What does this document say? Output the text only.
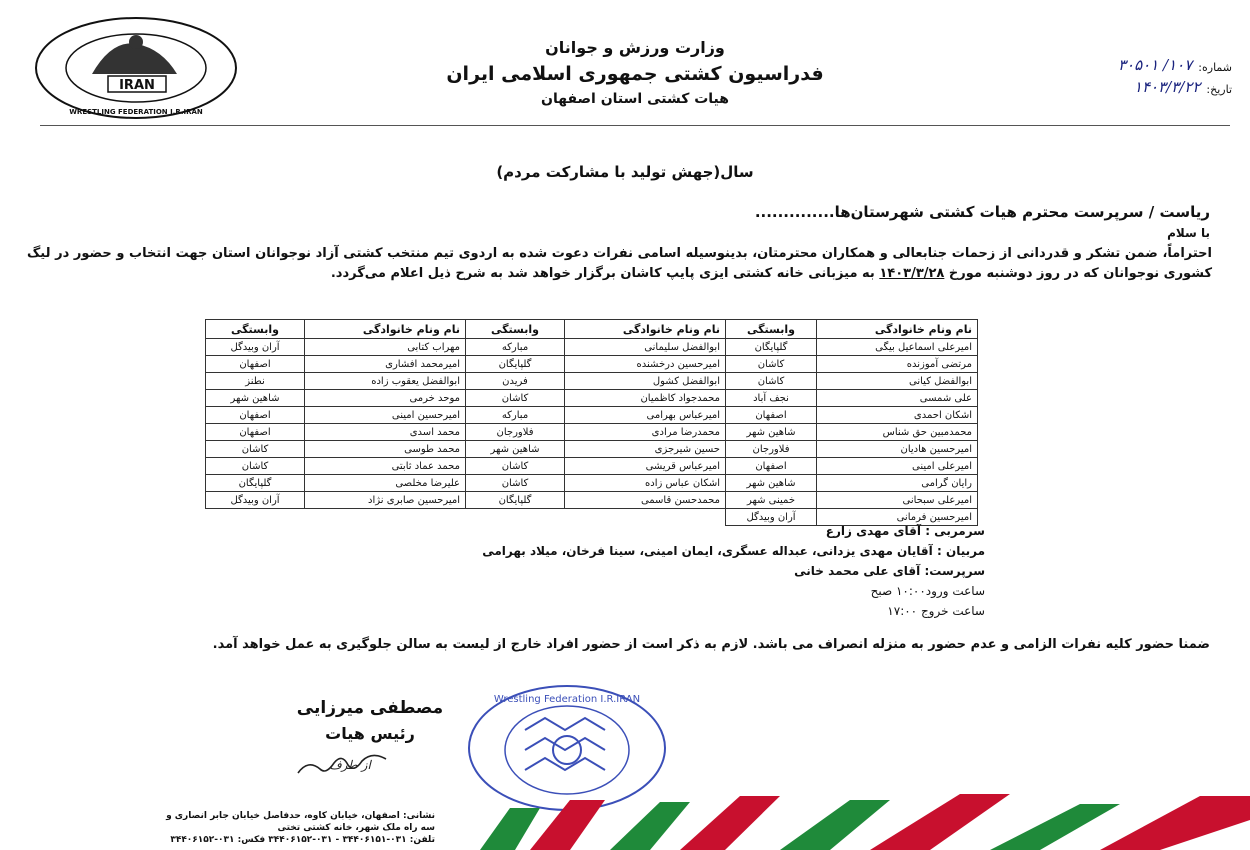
IRAN
WRESTLING FEDERATION I.R.IRAN
وزارت ورزش و جوانان
فدراسیون کشتی جمهوری اسلامی ایران
هیات کشتی استان اصفهان
شماره:
۱۰۷/ ۳۰۵۰۱
تاریخ:
۱۴۰۳/۳/۲۲
سال(جهش تولید با مشارکت مردم)
ریاست / سرپرست محترم هیات کشتی شهرستان‌ها..............
با سلام
احتراماً، ضمن تشکر و قدردانی از زحمات جنابعالی و همکاران محترمتان، بدینوسیله اسامی نفرات دعوت شده به اردوی تیم منتخب کشتی آزاد نوجوانان استان جهت انتخاب و حضور در لیگ کشوری نوجوانان که در روز دوشنبه مورخ ۱۴۰۳/۳/۲۸ به میزبانی خانه کشتی ایزی پایپ کاشان برگزار خواهد شد به شرح ذیل اعلام می‌گردد.
نام ونام خانوادگی	وابستگی	نام ونام خانوادگی	وابستگی	نام ونام خانوادگی	وابستگی
امیرعلی اسماعیل بیگی	گلپایگان	ابوالفضل سلیمانی	مبارکه	مهراب کتابی	آران وبیدگل
مرتضی آموزنده	کاشان	امیرحسین درخشنده	گلپایگان	امیرمحمد افشاری	اصفهان
ابوالفضل کیانی	کاشان	ابوالفضل کشول	فریدن	ابوالفضل یعقوب زاده	نطنز
علی شمسی	نجف آباد	محمدجواد کاظمیان	کاشان	موحد خرمی	شاهین شهر
اشکان احمدی	اصفهان	امیرعباس بهرامی	مبارکه	امیرحسین امینی	اصفهان
محمدمبین حق شناس	شاهین شهر	محمدرضا مرادی	فلاورجان	محمد اسدی	اصفهان
امیرحسین هادیان	فلاورجان	حسین شیرجزی	شاهین شهر	محمد طوسی	کاشان
امیرعلی امینی	اصفهان	امیرعباس قریشی	کاشان	محمد عماد ثابتی	کاشان
رایان گرامی	شاهین شهر	اشکان عباس زاده	کاشان	علیرضا مخلصی	گلپایگان
امیرعلی سبحانی	خمینی شهر	محمدحسن قاسمی	گلپایگان	امیرحسین صابری نژاد	آران وبیدگل
امیرحسین فرمانی	آران وبیدگل				
سرمربی : آقای مهدی زارع
مربیان : آقایان مهدی یزدانی، عبداله عسگری، ایمان امینی، سینا فرخان، میلاد بهرامی
سرپرست: آقای علی محمد خانی
ساعت ورود۱۰:۰۰ صبح
ساعت خروج ۱۷:۰۰
ضمنا حضور کلیه نفرات الزامی و عدم حضور به منزله انصراف می باشد. لازم به ذکر است از حضور افراد خارج از لیست به سالن جلوگیری به عمل خواهد آمد.
مصطفی میرزایی
رئیس هیات
از طرف
Wrestling Federation I.R.IRAN
نشانی: اصفهان، خیابان کاوه، حدفاصل خیابان جابر انصاری و
سه راه ملک شهر، خانه کشتی تختی
تلفن: ۰۳۱-۳۴۴۰۶۱۵۱ - ۰۳۱-۳۴۴۰۶۱۵۲ فکس: ۰۳۱-۳۴۴۰۶۱۵۲
